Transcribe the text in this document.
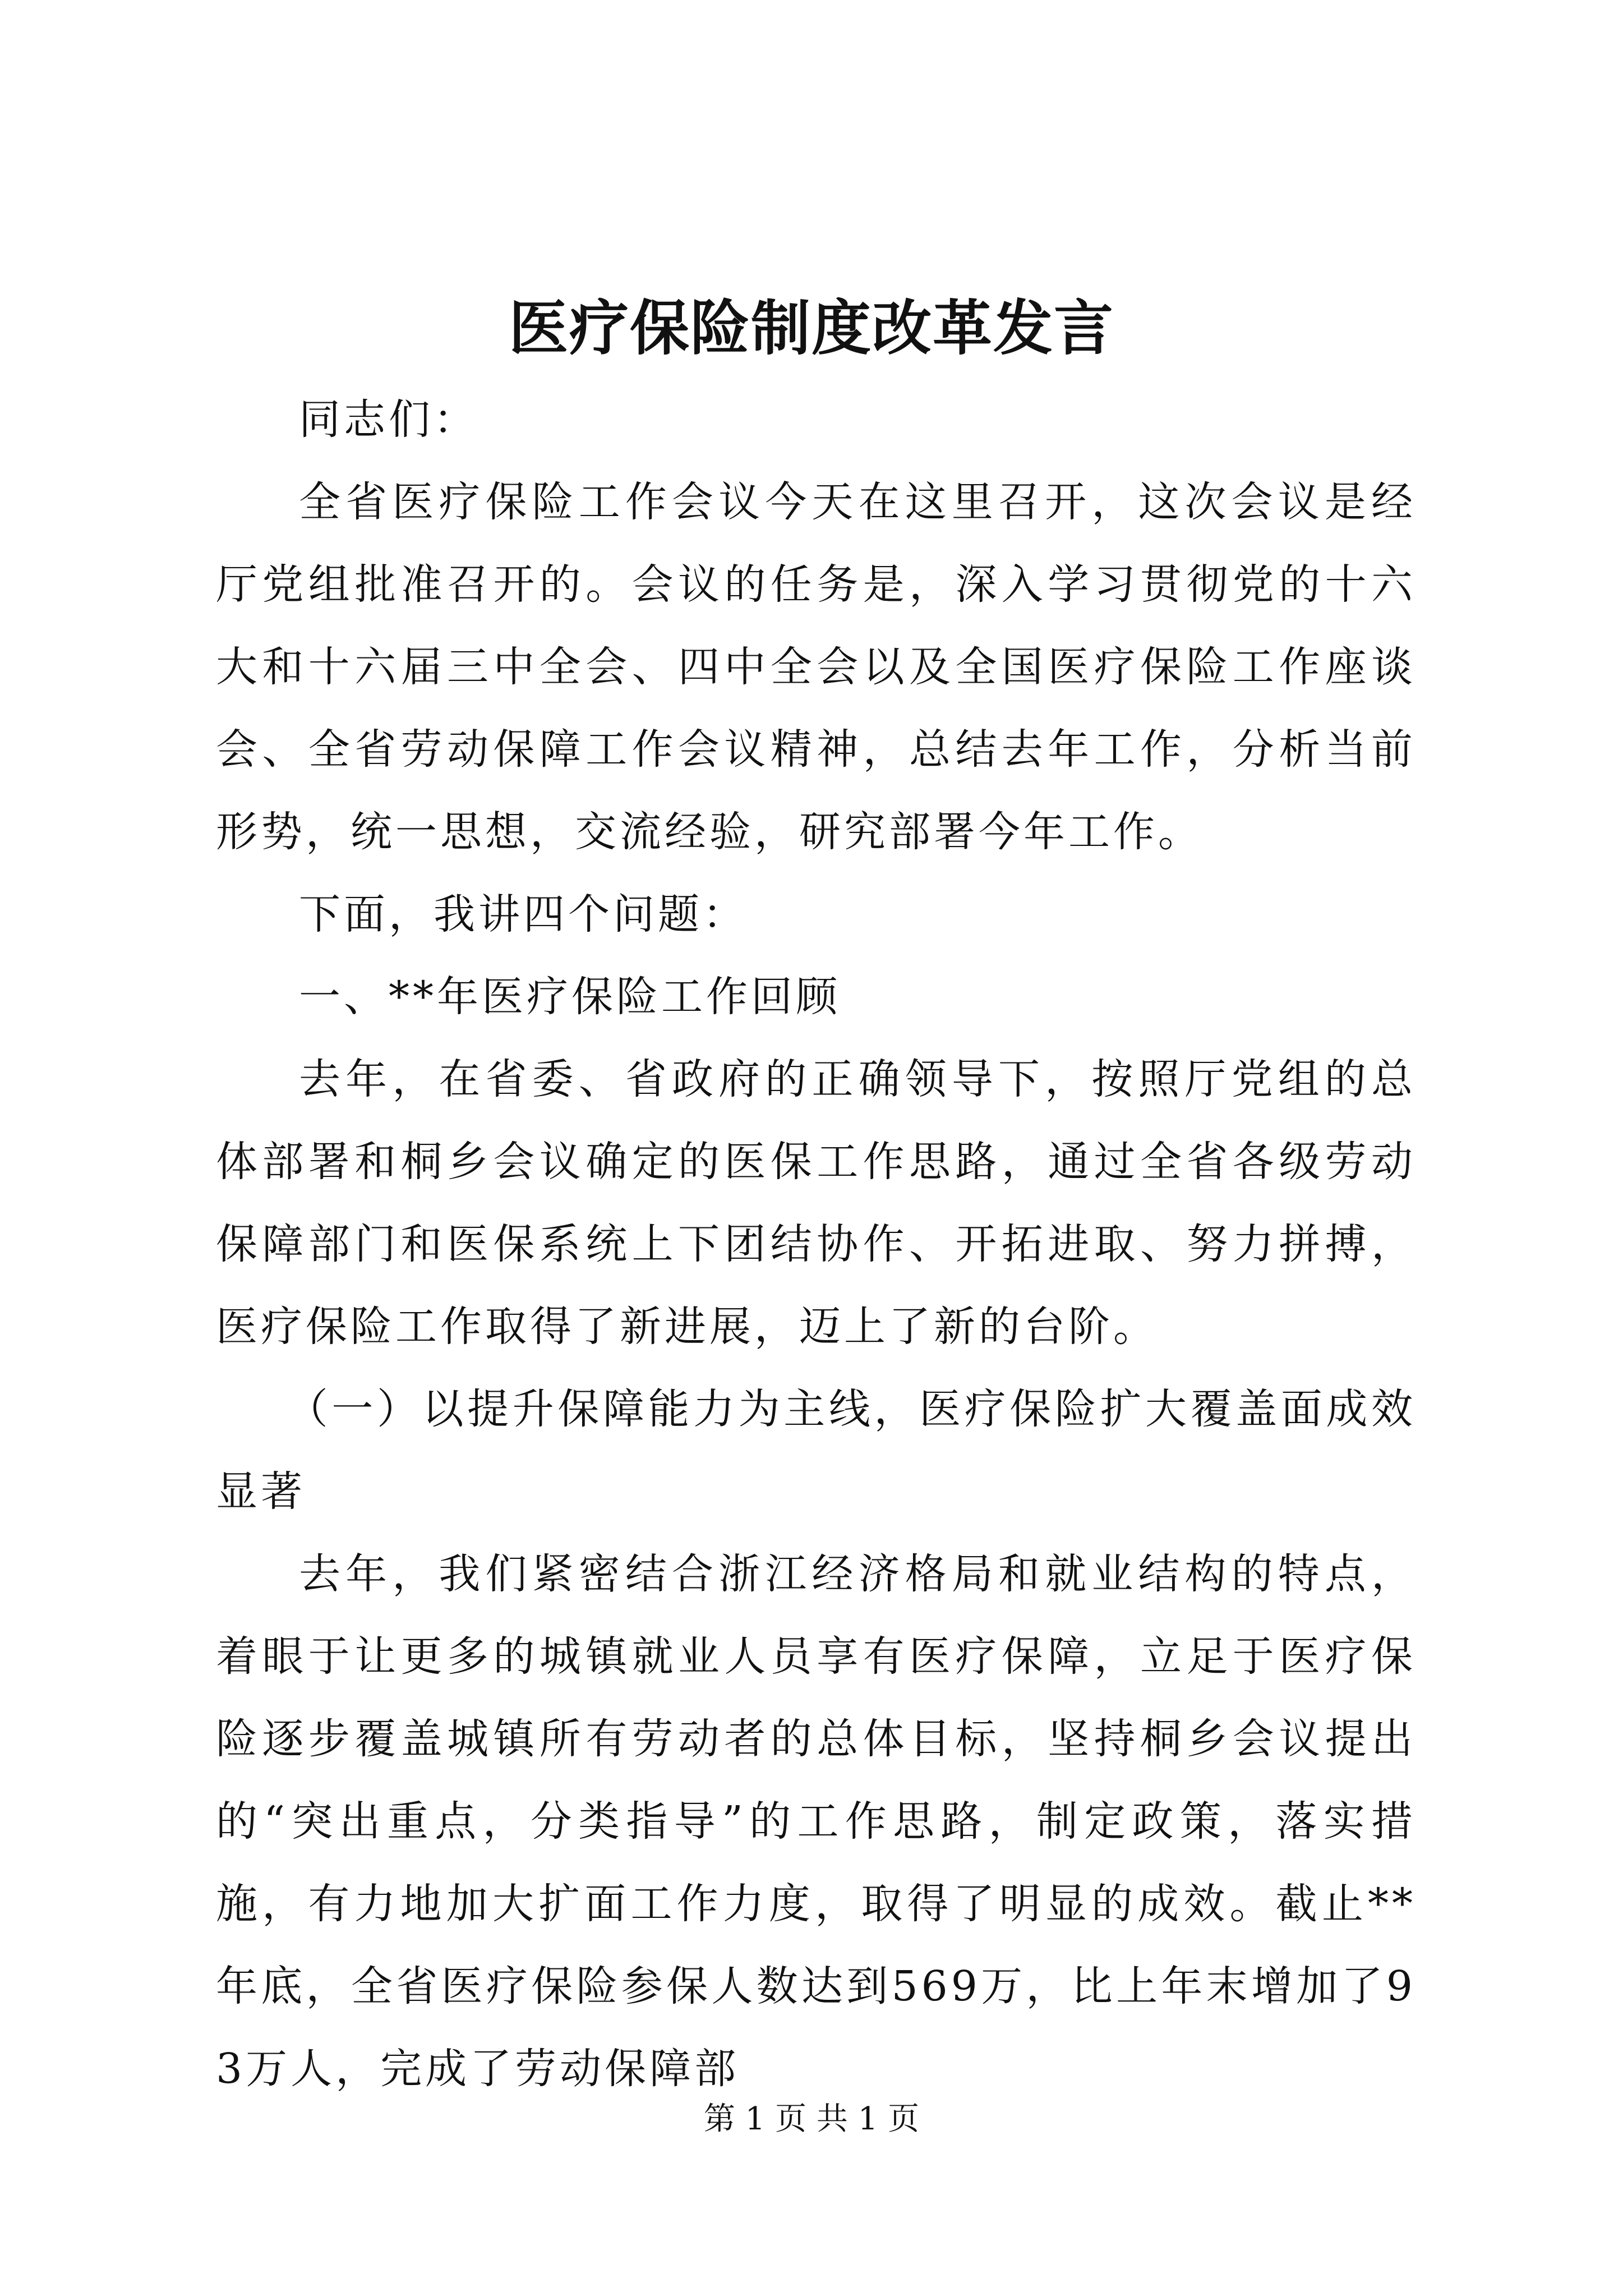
医疗保险制度改革发言

同志们：

全省医疗保险工作会议今天在这里召开，这次会议是经厅党组批准召开的。会议的任务是，深入学习贯彻党的十六大和十六届三中全会、四中全会以及全国医疗保险工作座谈会、全省劳动保障工作会议精神，总结去年工作，分析当前形势，统一思想，交流经验，研究部署今年工作。

下面，我讲四个问题：

一、**年医疗保险工作回顾

去年，在省委、省政府的正确领导下，按照厅党组的总体部署和桐乡会议确定的医保工作思路，通过全省各级劳动保障部门和医保系统上下团结协作、开拓进取、努力拼搏，医疗保险工作取得了新进展，迈上了新的台阶。

（一）以提升保障能力为主线，医疗保险扩大覆盖面成效显著

去年，我们紧密结合浙江经济格局和就业结构的特点，着眼于让更多的城镇就业人员享有医疗保障，立足于医疗保险逐步覆盖城镇所有劳动者的总体目标，坚持桐乡会议提出的“突出重点，分类指导”的工作思路，制定政策，落实措施，有力地加大扩面工作力度，取得了明显的成效。截止**年底，全省医疗保险参保人数达到569万，比上年末增加了93万人，完成了劳动保障部

第 1 页 共 1 页
